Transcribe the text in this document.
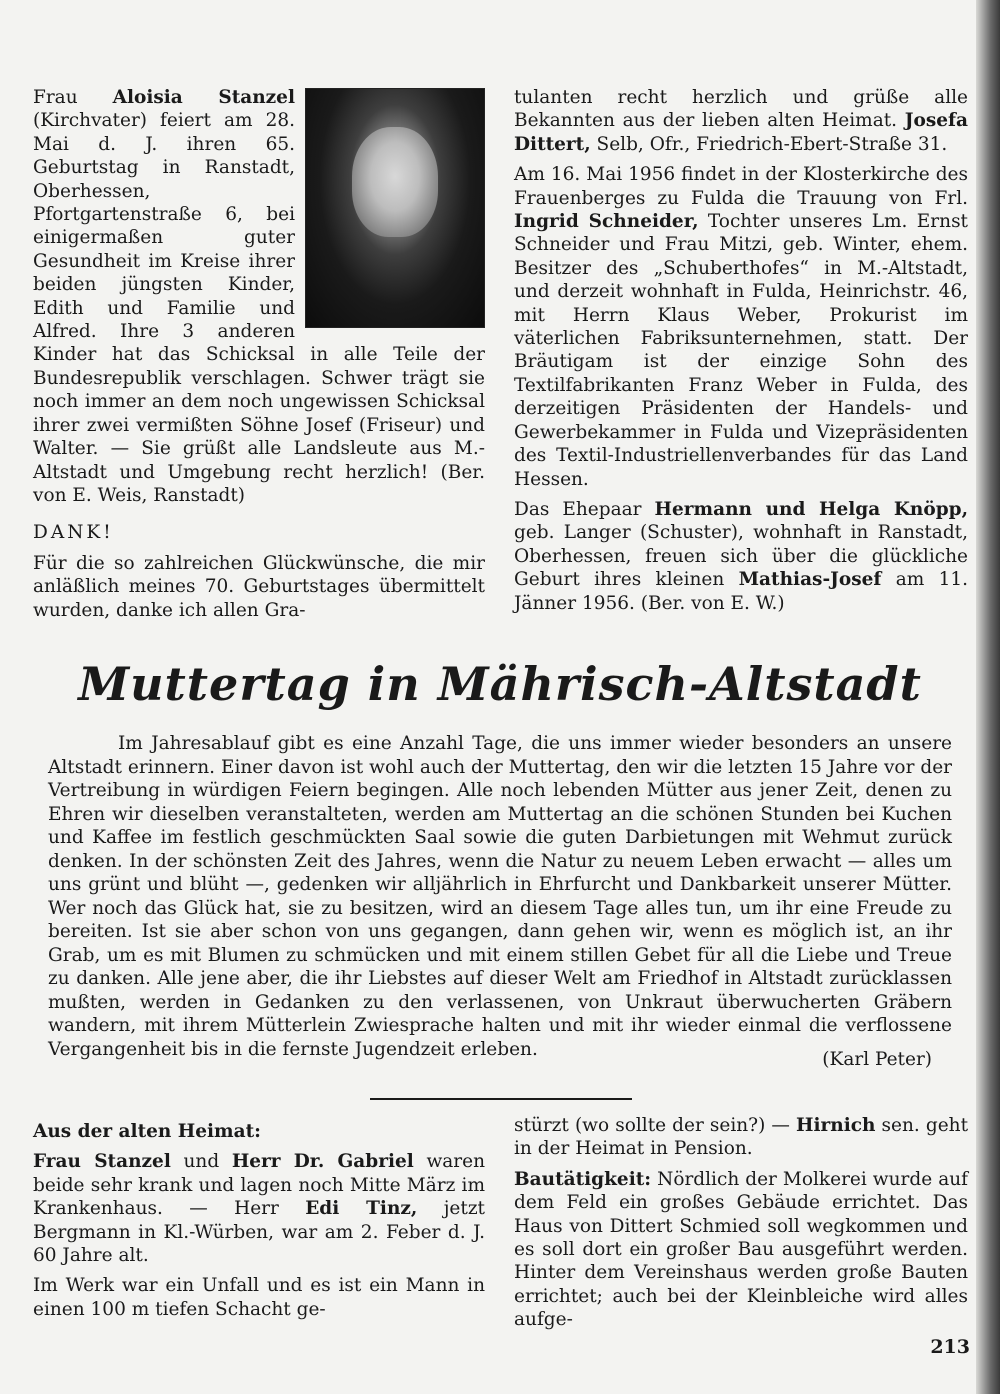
Frau Aloisia Stanzel (Kirchvater) feiert am 28. Mai d. J. ihren 65. Geburtstag in Ranstadt, Oberhessen, Pfortgartenstraße 6, bei einigermaßen guter Gesundheit im Kreise ihrer beiden jüngsten Kinder, Edith und Familie und Alfred. Ihre 3 anderen Kinder hat das Schicksal in alle Teile der Bundesrepublik verschlagen. Schwer trägt sie noch immer an dem noch ungewissen Schicksal ihrer zwei vermißten Söhne Josef (Friseur) und Walter. — Sie grüßt alle Landsleute aus M.-Altstadt und Umgebung recht herzlich! (Ber. von E. Weis, Ranstadt)

DANK!

Für die so zahlreichen Glückwünsche, die mir anläßlich meines 70. Geburtstages übermittelt wurden, danke ich allen Gra-

tulanten recht herzlich und grüße alle Bekannten aus der lieben alten Heimat. Josefa Dittert, Selb, Ofr., Friedrich-Ebert-Straße 31.

Am 16. Mai 1956 findet in der Klosterkirche des Frauenberges zu Fulda die Trauung von Frl. Ingrid Schneider, Tochter unseres Lm. Ernst Schneider und Frau Mitzi, geb. Winter, ehem. Besitzer des „Schuberthofes“ in M.-Altstadt, und derzeit wohnhaft in Fulda, Heinrichstr. 46, mit Herrn Klaus Weber, Prokurist im väterlichen Fabriksunternehmen, statt. Der Bräutigam ist der einzige Sohn des Textilfabrikanten Franz Weber in Fulda, des derzeitigen Präsidenten der Handels- und Gewerbekammer in Fulda und Vizepräsidenten des Textil-Industriellenverbandes für das Land Hessen.

Das Ehepaar Hermann und Helga Knöpp, geb. Langer (Schuster), wohnhaft in Ranstadt, Oberhessen, freuen sich über die glückliche Geburt ihres kleinen Mathias-Josef am 11. Jänner 1956. (Ber. von E. W.)

Muttertag in Mährisch-Altstadt

Im Jahresablauf gibt es eine Anzahl Tage, die uns immer wieder besonders an unsere Altstadt erinnern. Einer davon ist wohl auch der Muttertag, den wir die letzten 15 Jahre vor der Vertreibung in würdigen Feiern begingen. Alle noch lebenden Mütter aus jener Zeit, denen zu Ehren wir dieselben veranstalteten, werden am Muttertag an die schönen Stunden bei Kuchen und Kaffee im festlich geschmückten Saal sowie die guten Darbietungen mit Wehmut zurück denken. In der schönsten Zeit des Jahres, wenn die Natur zu neuem Leben erwacht — alles um uns grünt und blüht —, gedenken wir alljährlich in Ehrfurcht und Dankbarkeit unserer Mütter. Wer noch das Glück hat, sie zu besitzen, wird an diesem Tage alles tun, um ihr eine Freude zu bereiten. Ist sie aber schon von uns gegangen, dann gehen wir, wenn es möglich ist, an ihr Grab, um es mit Blumen zu schmücken und mit einem stillen Gebet für all die Liebe und Treue zu danken. Alle jene aber, die ihr Liebstes auf dieser Welt am Friedhof in Altstadt zurücklassen mußten, werden in Gedanken zu den verlassenen, von Unkraut überwucherten Gräbern wandern, mit ihrem Mütterlein Zwiesprache halten und mit ihr wieder einmal die verflossene Vergangenheit bis in die fernste Jugendzeit erleben.	(Karl Peter)

Aus der alten Heimat:

Frau Stanzel und Herr Dr. Gabriel waren beide sehr krank und lagen noch Mitte März im Krankenhaus. — Herr Edi Tinz, jetzt Bergmann in Kl.-Würben, war am 2. Feber d. J. 60 Jahre alt.

Im Werk war ein Unfall und es ist ein Mann in einen 100 m tiefen Schacht ge-

stürzt (wo sollte der sein?) — Hirnich sen. geht in der Heimat in Pension.

Bautätigkeit: Nördlich der Molkerei wurde auf dem Feld ein großes Gebäude errichtet. Das Haus von Dittert Schmied soll wegkommen und es soll dort ein großer Bau ausgeführt werden. Hinter dem Vereinshaus werden große Bauten errichtet; auch bei der Kleinbleiche wird alles aufge-

213
